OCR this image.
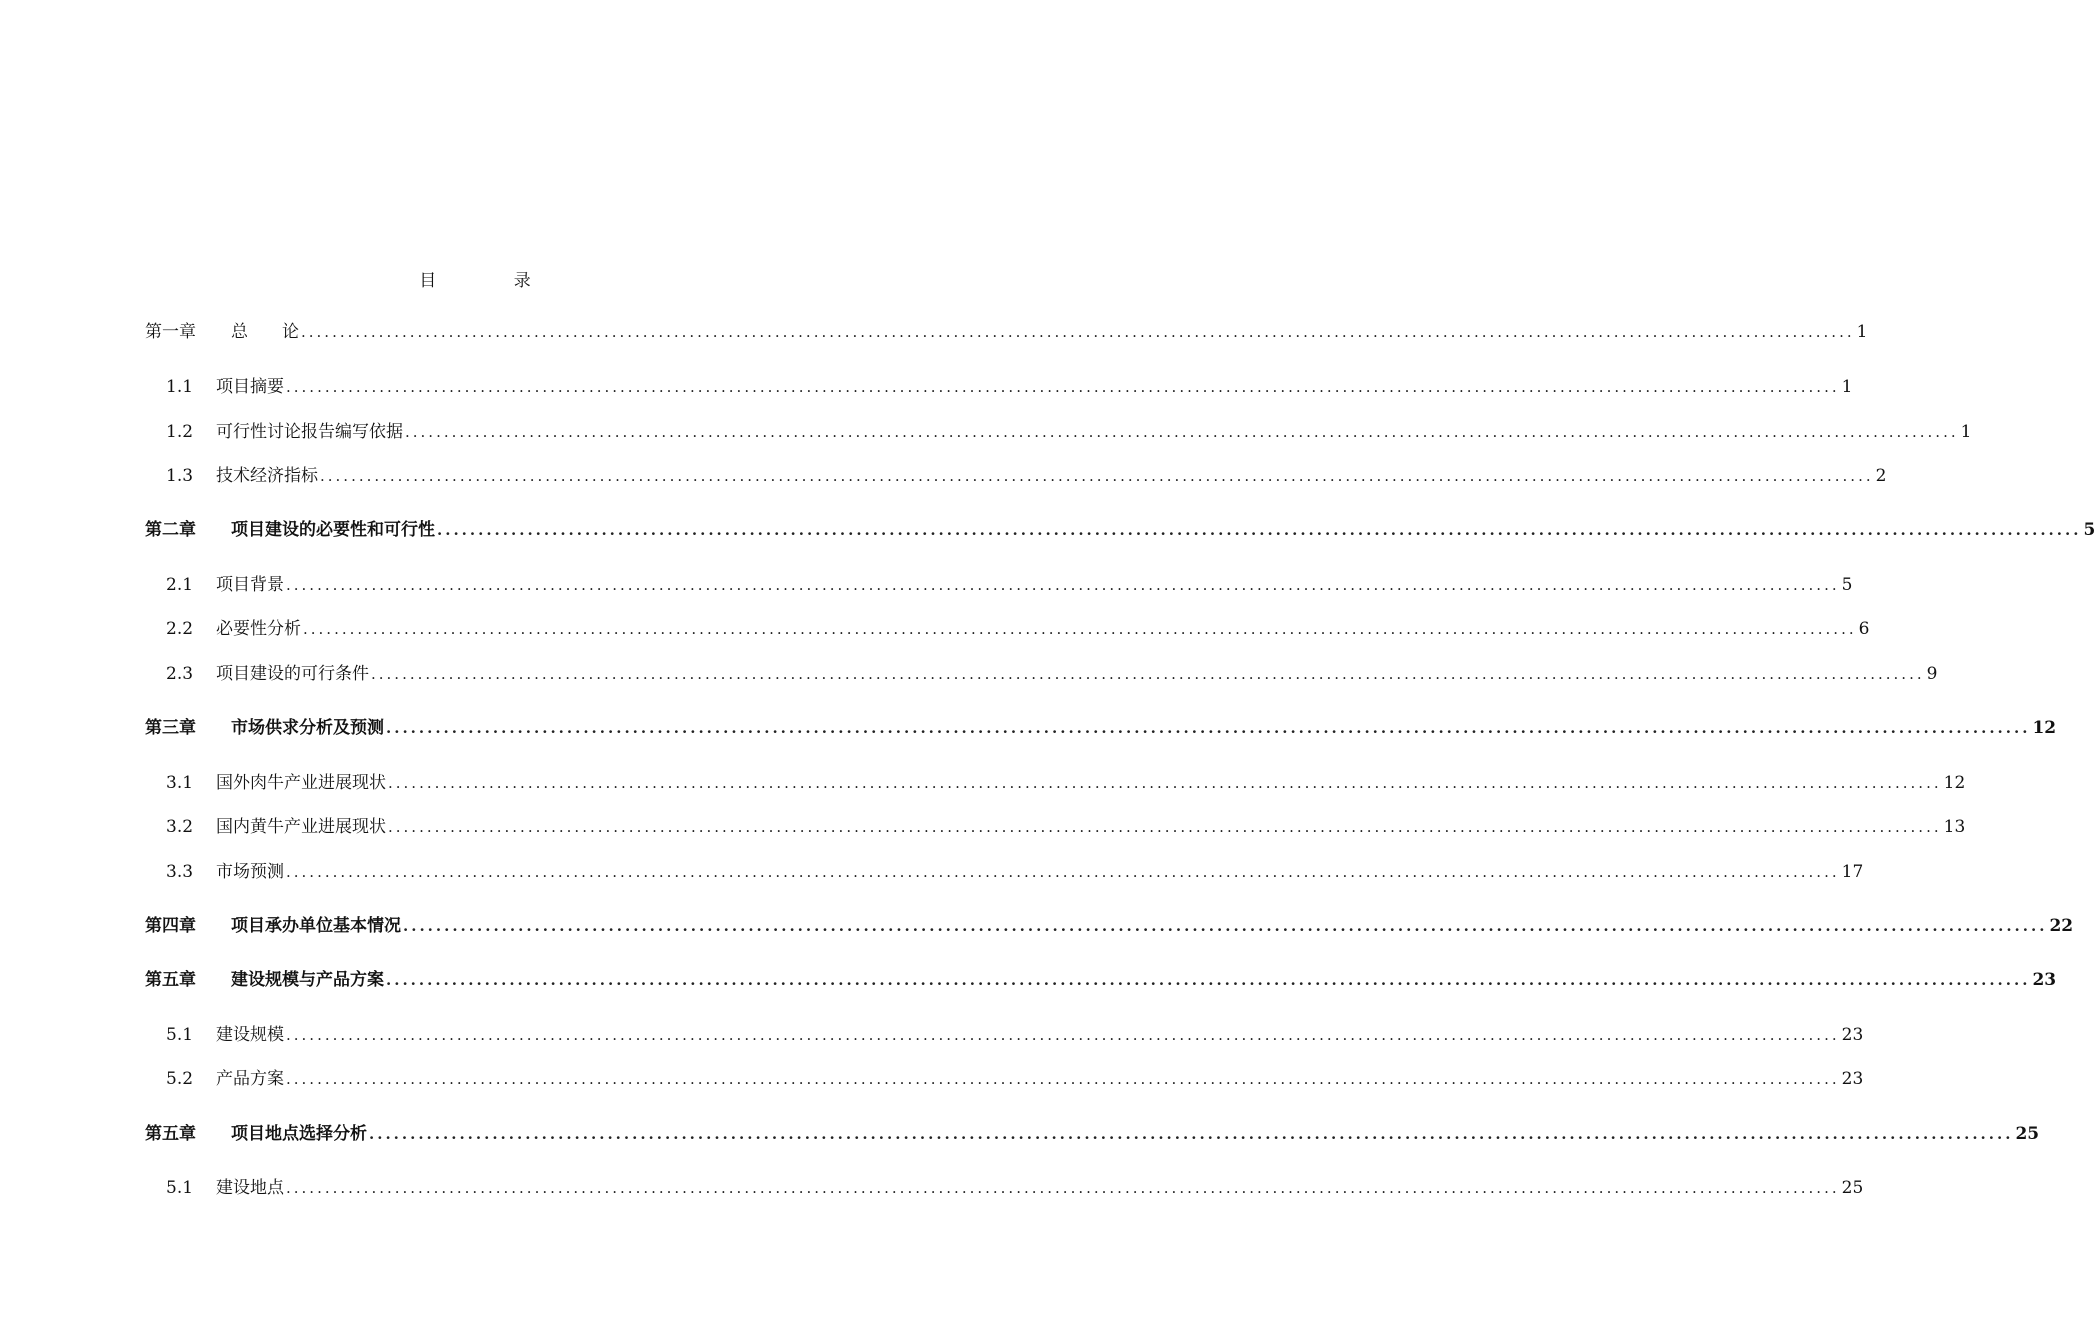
目 录
第一章	总　　论 ........................................................................................................................................................................................................ 1
1.1	项目摘要 ........................................................................................................................................................................................................ 1
1.2	可行性讨论报告编写依据 ........................................................................................................................................................................................................ 1
1.3	技术经济指标 ........................................................................................................................................................................................................ 2
第二章	项目建设的必要性和可行性 ........................................................................................................................................................................................................ 5
2.1	项目背景 ........................................................................................................................................................................................................ 5
2.2	必要性分析 ........................................................................................................................................................................................................ 6
2.3	项目建设的可行条件 ........................................................................................................................................................................................................ 9
第三章	市场供求分析及预测 ........................................................................................................................................................................................................ 12
3.1	国外肉牛产业进展现状 ........................................................................................................................................................................................................ 12
3.2	国内黄牛产业进展现状 ........................................................................................................................................................................................................ 13
3.3	市场预测 ........................................................................................................................................................................................................ 17
第四章	项目承办单位基本情况 ........................................................................................................................................................................................................ 22
第五章	建设规模与产品方案 ........................................................................................................................................................................................................ 23
5.1	建设规模 ........................................................................................................................................................................................................ 23
5.2	产品方案 ........................................................................................................................................................................................................ 23
第五章	项目地点选择分析 ........................................................................................................................................................................................................ 25
5.1	建设地点 ........................................................................................................................................................................................................ 25
